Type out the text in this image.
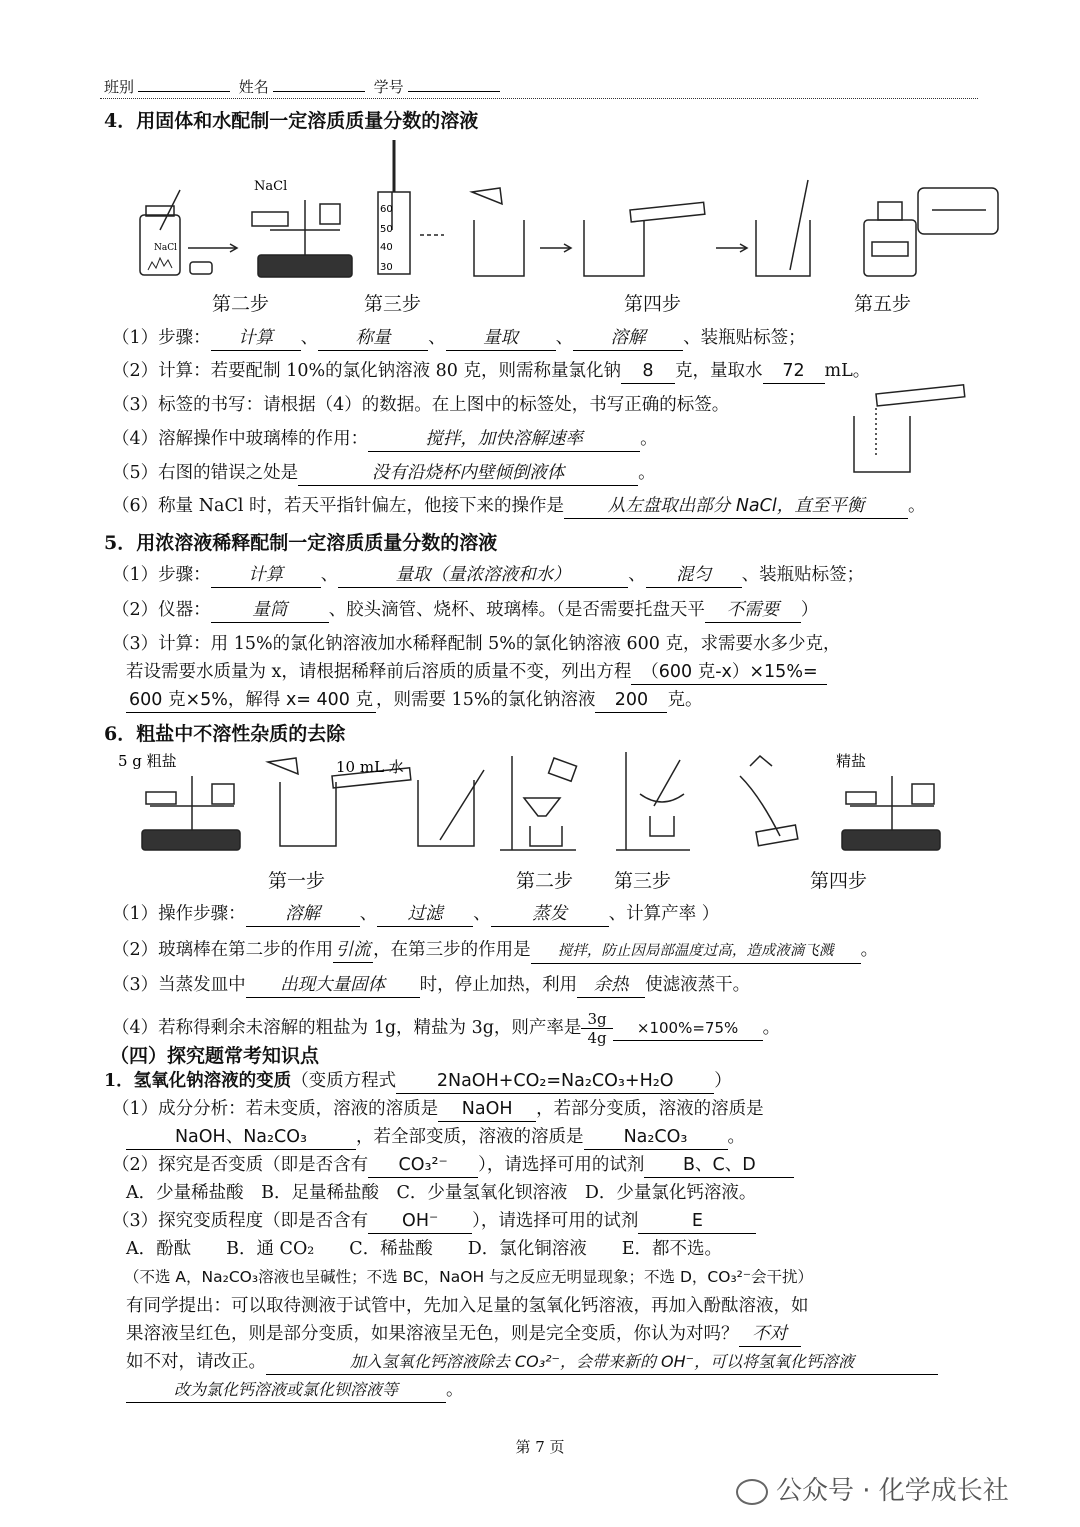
班别	姓名	学号
4．用固体和水配制一定溶质质量分数的溶液
NaCl
NaCl
60
50
40
30
第二步	第三步	第四步	第五步
（1）步骤： 计算 、 称量 、 量取 、 溶解 、装瓶贴标签；
（2）计算：若要配制 10%的氯化钠溶液 80 克，则需称量氯化钠 8 克，量取水 72 mL。
（3）标签的书写：请根据（4）的数据。在上图中的标签处，书写正确的标签。
（4）溶解操作中玻璃棒的作用：	搅拌，加快溶解速率	。
（5）右图的错误之处是	没有沿烧杯内壁倾倒液体	。
（6）称量 NaCl 时，若天平指针偏左，他接下来的操作是	从左盘取出部分 NaCl，直至平衡	。
5．用浓溶液稀释配制一定溶质质量分数的溶液
（1）步骤： 计算 、	量取（量浓溶液和水）	、 混匀 、装瓶贴标签；
（2）仪器： 量筒 、胶头滴管、烧杯、玻璃棒。（是否需要托盘天平 不需要 ）
（3）计算：用 15%的氯化钠溶液加水稀释配制 5%的氯化钠溶液 600 克，求需要水多少克，
若设需要水质量为 x，请根据稀释前后溶质的质量不变，列出方程 （600 克-x）×15%=
600 克×5%，解得 x= 400 克 ，则需要 15%的氯化钠溶液 200 克。
6．粗盐中不溶性杂质的去除
5 g 粗盐	10 mL 水	精盐
第一步	第二步 第三步	第四步
（1）操作步骤： 溶解 、 过滤 、 蒸发 、计算产率 ）
（2）玻璃棒在第二步的作用 引流 ，在第三步的作用是 搅拌，防止因局部温度过高，造成液滴飞溅 。
（3）当蒸发皿中 出现大量固体 时，停止加热，利用 余热 使滤液蒸干。
（4）若称得剩余未溶解的粗盐为 1g，精盐为 3g，则产率是 $\frac{3g}{4g} \times 100\%=75\%$ 。
（四）探究题常考知识点
1．氢氧化钠溶液的变质（变质方程式 2NaOH+CO₂=Na₂CO₃+H₂O ）
（1）成分分析：若未变质，溶液的溶质是 NaOH ，若部分变质，溶液的溶质是
NaOH、Na₂CO₃	，若全部变质，溶液的溶质是 Na₂CO₃ 。
（2）探究是否变质（即是否含有 CO₃²⁻ ），请选择可用的试剂 B、C、D
A．少量稀盐酸　B．足量稀盐酸　C．少量氢氧化钡溶液　D．少量氯化钙溶液。
（3）探究变质程度（即是否含有 OH⁻ ），请选择可用的试剂	E
A．酚酞　　B．通 CO₂　　C．稀盐酸　　D．氯化铜溶液　　E．都不选。
（不选 A，Na₂CO₃溶液也呈碱性；不选 BC，NaOH 与之反应无明显现象；不选 D，CO₃²⁻会干扰）
有同学提出：可以取待测液于试管中，先加入足量的氢氧化钙溶液，再加入酚酞溶液，如
果溶液呈红色，则是部分变质，如果溶液呈无色，则是完全变质，你认为对吗？ 不对
如不对，请改正。	加入氢氧化钙溶液除去 CO₃²⁻，会带来新的 OH⁻，可以将氢氧化钙溶液
改为氯化钙溶液或氯化钡溶液等	。
第 7 页
公众号 · 化学成长社
